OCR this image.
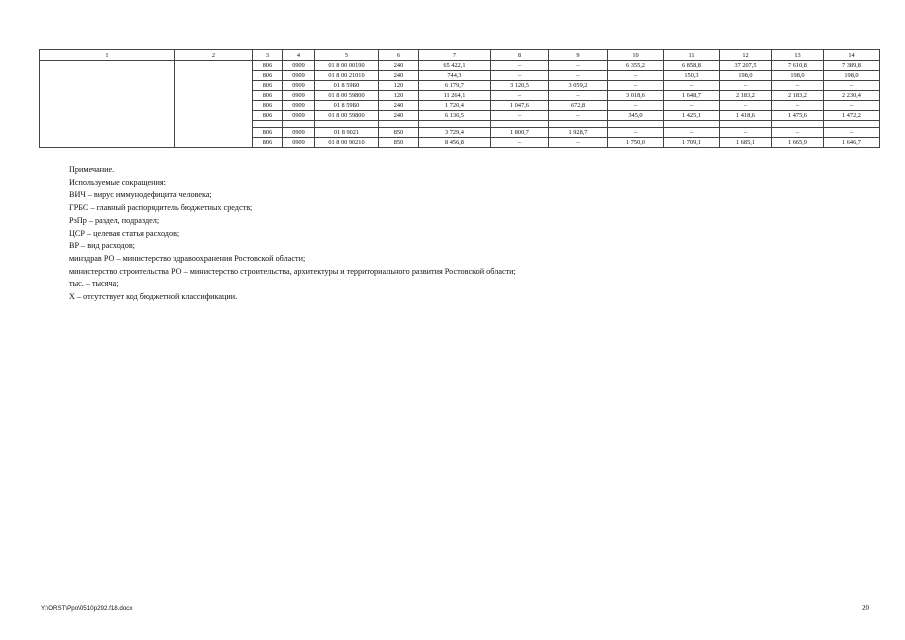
1	2	3	4	5	6	7	8	9	10	11	12	13	14
		806	0909	01 8 00 00190	240	65 422,1	–	–	6 355,2	6 858,8	37 207,5	7 610,8	7 389,8
		806	0909	01 8 00 21010	240	744,3	–	–	–	150,3	198,0	198,0	198,0
		806	0909	01 8 59Б0	120	6 179,7	3 120,5	3 059,2	–	–	–	–	–
		806	0909	01 8 00 59800	120	11 264,1	–	–	3 018,6	1 648,7	2 183,2	2 183,2	2 230,4
		806	0909	01 8 59Б0	240	1 720,4	1 047,6	672,8	–	–	–	–	–
		806	0909	01 8 00 59800	240	6 136,5	–	–	345,0	1 425,1	1 418,6	1 475,6	1 472,2

		806	0909	01 8 9021	850	3 729,4	1 800,7	1 928,7	–	–	–	–	–
		806	0909	01 8 00 90210	850	8 456,8	–	–	1 750,0	1 709,1	1 685,1	1 665,9	1 646,7
Примечание.
Используемые сокращения:
ВИЧ – вирус иммунодефицита человека;
ГРБС – главный распорядитель бюджетных средств;
РзПр – раздел, подраздел;
ЦСР – целевая статья расходов;
ВР – вид расходов;
минздрав РО – министерство здравоохранения Ростовской области;
министерство строительства РО – министерство строительства, архитектуры и территориального развития Ростовской области;
тыс. – тысяча;
Х – отсутствует код бюджетной классификации.
Y:\ORST\Ppo\0510p292.f18.docx	20
